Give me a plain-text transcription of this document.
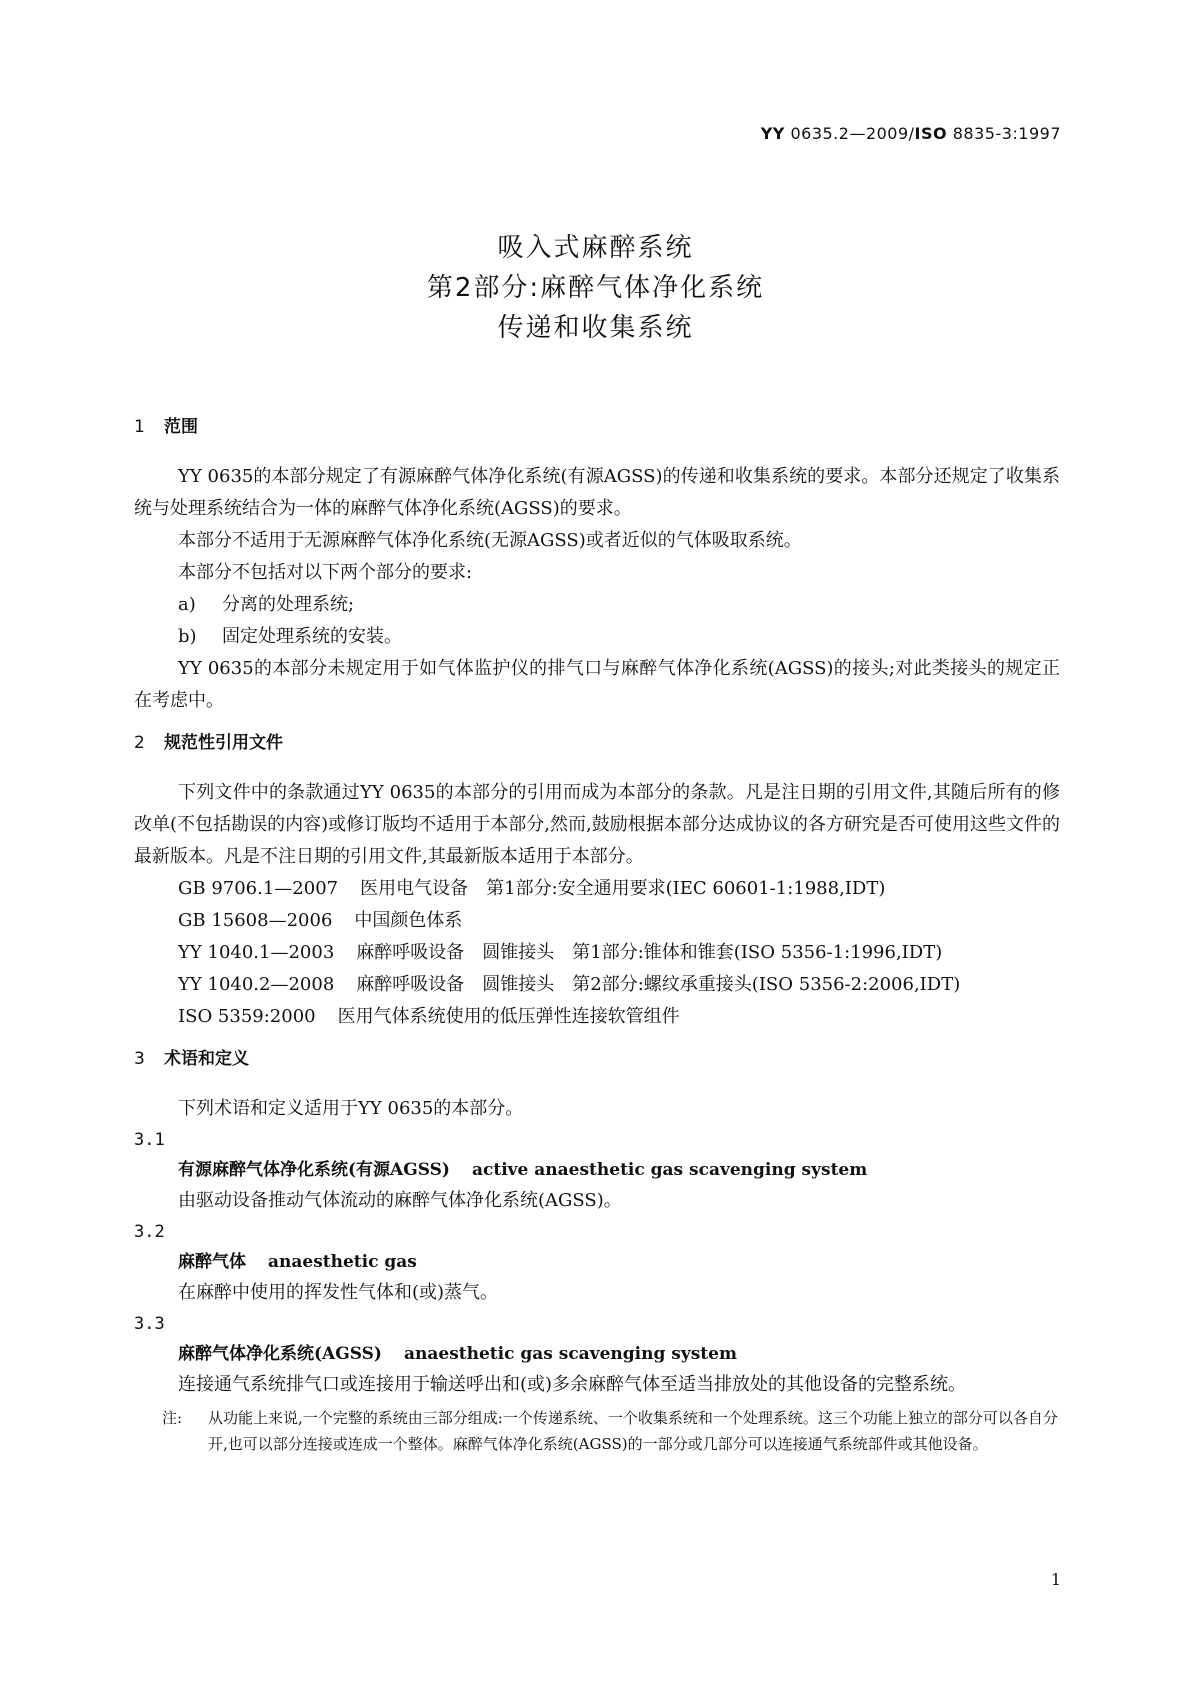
YY 0635.2—2009/ISO 8835-3:1997
吸入式麻醉系统
第2部分:麻醉气体净化系统
传递和收集系统
1 范围
YY 0635的本部分规定了有源麻醉气体净化系统(有源AGSS)的传递和收集系统的要求。本部分还规定了收集系统与处理系统结合为一体的麻醉气体净化系统(AGSS)的要求。
本部分不适用于无源麻醉气体净化系统(无源AGSS)或者近似的气体吸取系统。
本部分不包括对以下两个部分的要求:
a) 分离的处理系统;
b) 固定处理系统的安装。
YY 0635的本部分未规定用于如气体监护仪的排气口与麻醉气体净化系统(AGSS)的接头;对此类接头的规定正在考虑中。
2 规范性引用文件
下列文件中的条款通过YY 0635的本部分的引用而成为本部分的条款。凡是注日期的引用文件,其随后所有的修改单(不包括勘误的内容)或修订版均不适用于本部分,然而,鼓励根据本部分达成协议的各方研究是否可使用这些文件的最新版本。凡是不注日期的引用文件,其最新版本适用于本部分。
GB 9706.1—2007 医用电气设备　第1部分:安全通用要求(IEC 60601-1:1988,IDT)
GB 15608—2006 中国颜色体系
YY 1040.1—2003 麻醉呼吸设备　圆锥接头　第1部分:锥体和锥套(ISO 5356-1:1996,IDT)
YY 1040.2—2008 麻醉呼吸设备　圆锥接头　第2部分:螺纹承重接头(ISO 5356-2:2006,IDT)
ISO 5359:2000 医用气体系统使用的低压弹性连接软管组件
3 术语和定义
下列术语和定义适用于YY 0635的本部分。
3.1
有源麻醉气体净化系统(有源AGSS) active anaesthetic gas scavenging system
由驱动设备推动气体流动的麻醉气体净化系统(AGSS)。
3.2
麻醉气体 anaesthetic gas
在麻醉中使用的挥发性气体和(或)蒸气。
3.3
麻醉气体净化系统(AGSS) anaesthetic gas scavenging system
连接通气系统排气口或连接用于输送呼出和(或)多余麻醉气体至适当排放处的其他设备的完整系统。
注:	从功能上来说,一个完整的系统由三部分组成:一个传递系统、一个收集系统和一个处理系统。这三个功能上独立的部分可以各自分开,也可以部分连接或连成一个整体。麻醉气体净化系统(AGSS)的一部分或几部分可以连接通气系统部件或其他设备。
1
